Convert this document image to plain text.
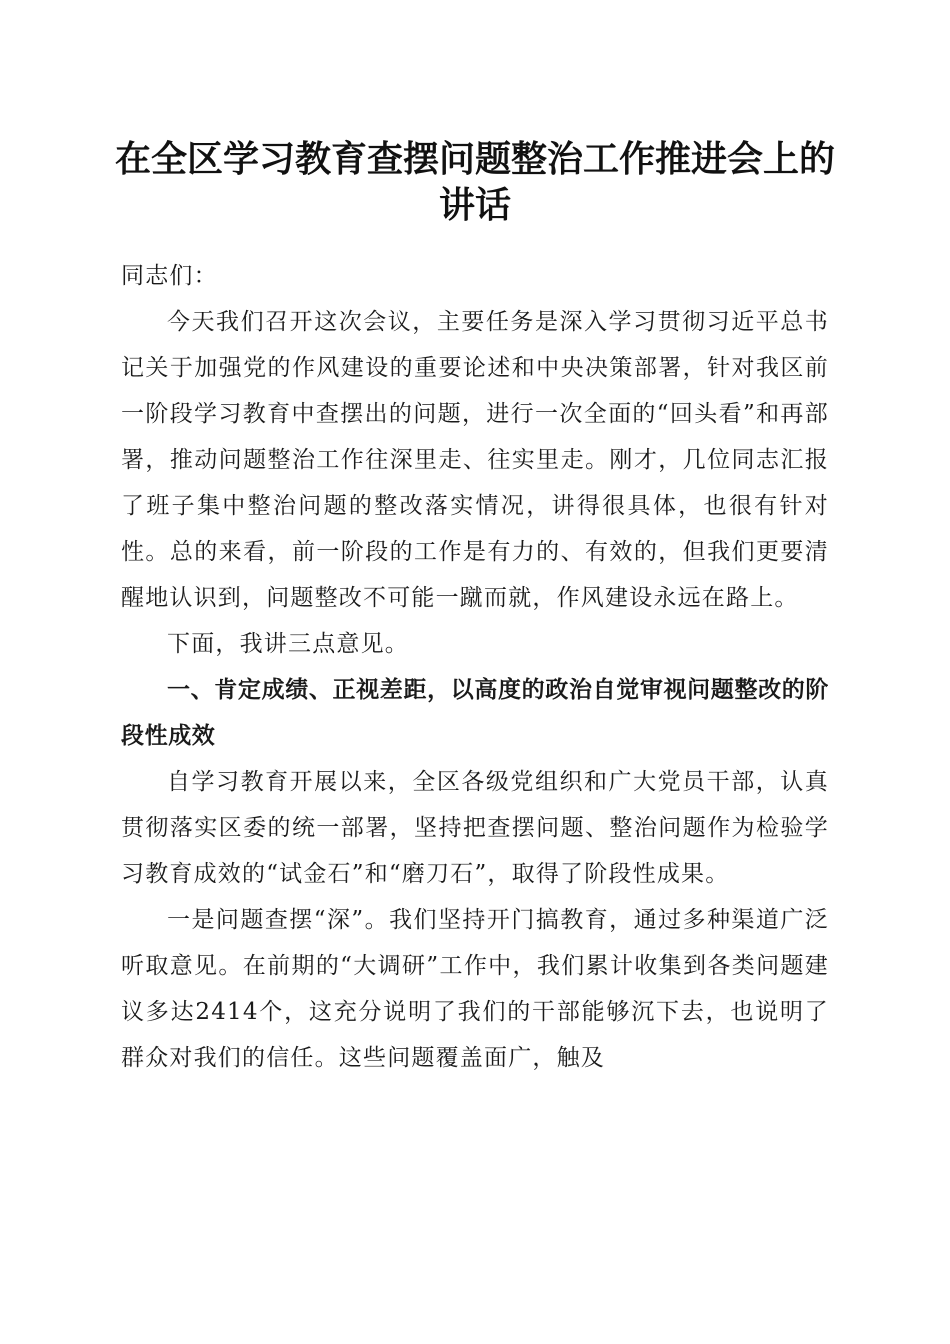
在全区学习教育查摆问题整治工作推进会上的
讲话

同志们：

今天我们召开这次会议，主要任务是深入学习贯彻习近平总书记关于加强党的作风建设的重要论述和中央决策部署，针对我区前一阶段学习教育中查摆出的问题，进行一次全面的“回头看”和再部署，推动问题整治工作往深里走、往实里走。刚才，几位同志汇报了班子集中整治问题的整改落实情况，讲得很具体，也很有针对性。总的来看，前一阶段的工作是有力的、有效的，但我们更要清醒地认识到，问题整改不可能一蹴而就，作风建设永远在路上。

下面，我讲三点意见。

一、肯定成绩、正视差距，以高度的政治自觉审视问题整改的阶段性成效

自学习教育开展以来，全区各级党组织和广大党员干部，认真贯彻落实区委的统一部署，坚持把查摆问题、整治问题作为检验学习教育成效的“试金石”和“磨刀石”，取得了阶段性成果。

一是问题查摆“深”。我们坚持开门搞教育，通过多种渠道广泛听取意见。在前期的“大调研”工作中，我们累计收集到各类问题建议多达2414个，这充分说明了我们的干部能够沉下去，也说明了群众对我们的信任。这些问题覆盖面广，触及
